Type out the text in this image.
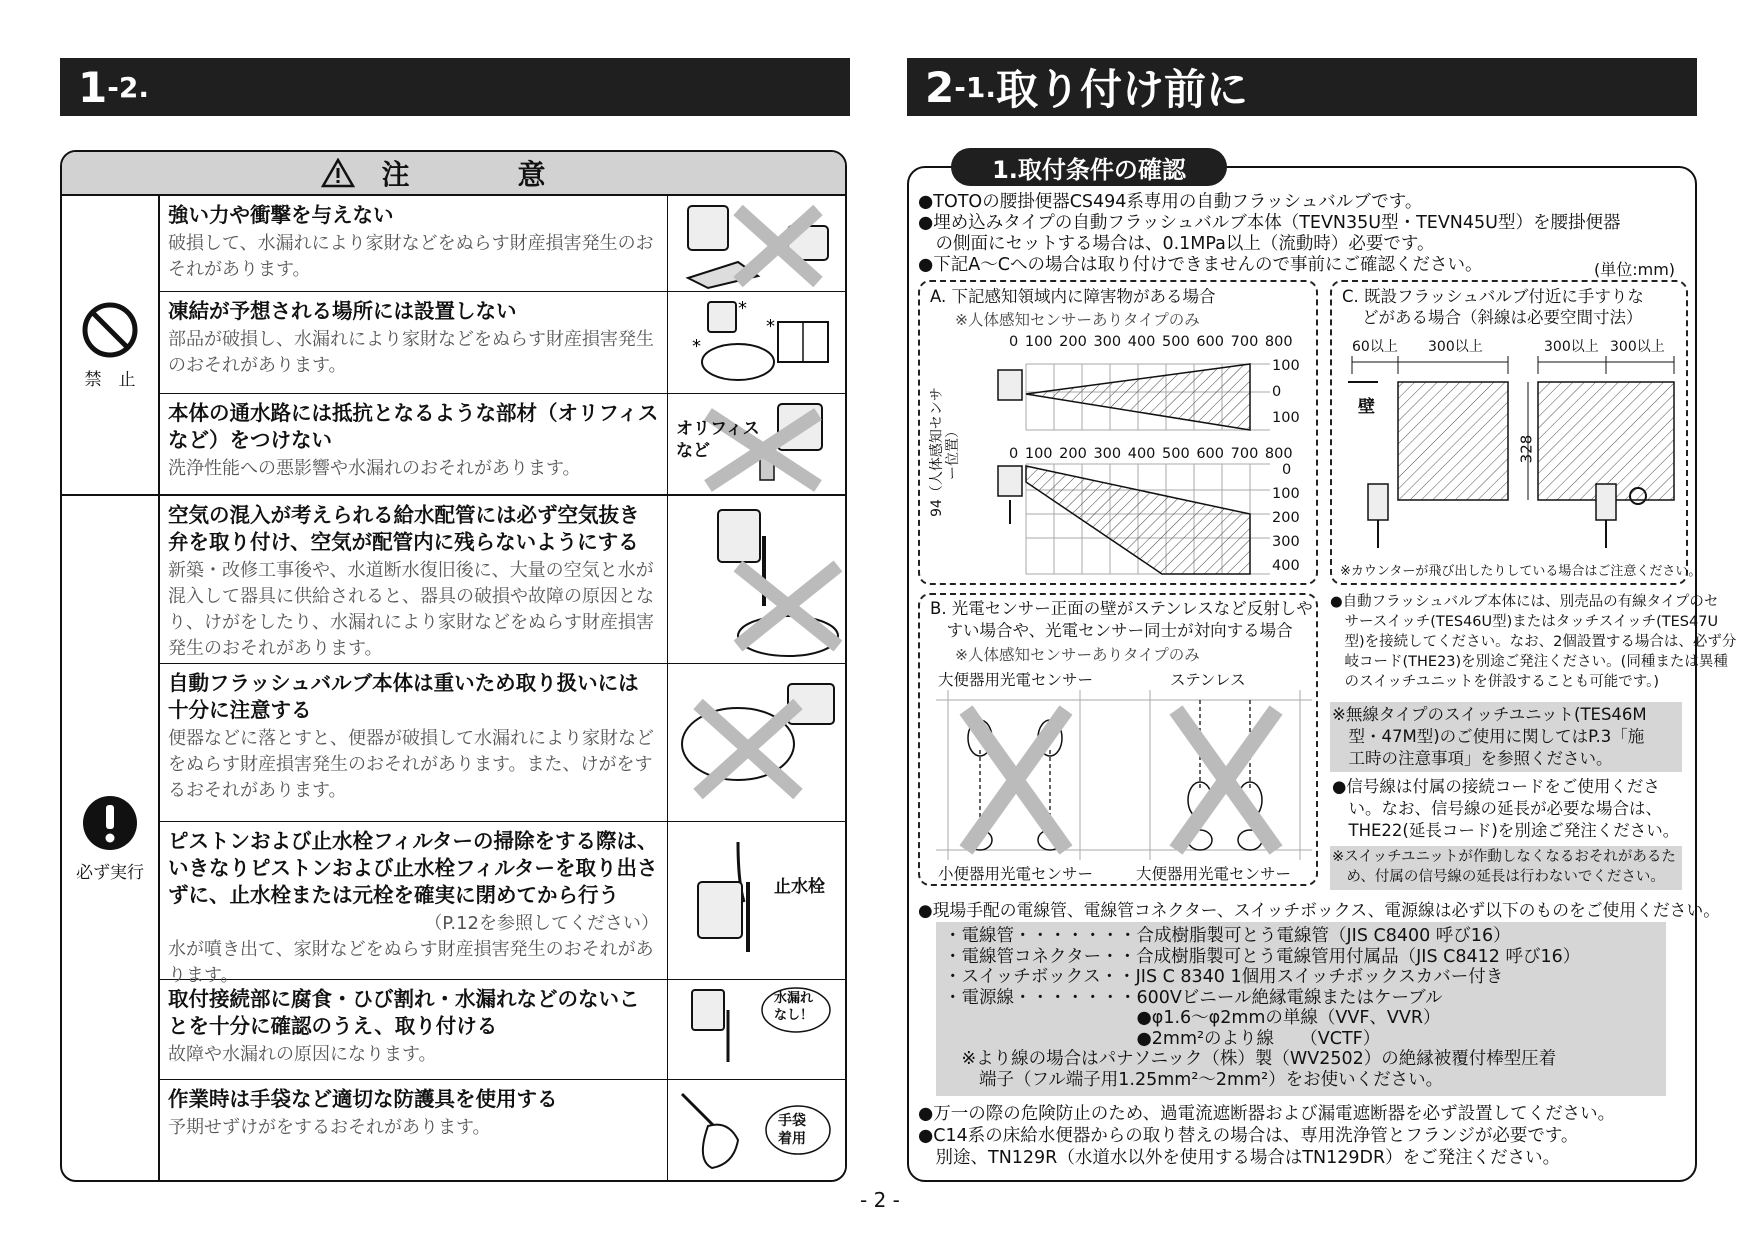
1 -2.	2 -1. 取り付け前に
注　意
禁　止
強い力や衝撃を与えない
破損して、水漏れにより家財などをぬらす財産損害発生のおそれがあります。
凍結が予想される場所には設置しない
部品が破損し、水漏れにより家財などをぬらす財産損害発生のおそれがあります。
*
*
*
本体の通水路には抵抗となるような部材（オリフィスなど）をつけない
洗浄性能への悪影響や水漏れのおそれがあります。
オリフィス
など
必ず実行
空気の混入が考えられる給水配管には必ず空気抜き弁を取り付け、空気が配管内に残らないようにする
新築・改修工事後や、水道断水復旧後に、大量の空気と水が混入して器具に供給されると、器具の破損や故障の原因となり、けがをしたり、水漏れにより家財などをぬらす財産損害発生のおそれがあります。
自動フラッシュバルブ本体は重いため取り扱いには十分に注意する
便器などに落とすと、便器が破損して水漏れにより家財などをぬらす財産損害発生のおそれがあります。また、けがをするおそれがあります。
ピストンおよび止水栓フィルターの掃除をする際は、いきなりピストンおよび止水栓フィルターを取り出さずに、止水栓または元栓を確実に閉めてから行う
（P.12を参照してください）
水が噴き出て、家財などをぬらす財産損害発生のおそれがあります。
止水栓
取付接続部に腐食・ひび割れ・水漏れなどのないことを十分に確認のうえ、取り付ける
故障や水漏れの原因になります。
水漏れ
なし！
作業時は手袋など適切な防護具を使用する
予期せずけがをするおそれがあります。	手袋
着用
1.取付条件の確認
●TOTOの腰掛便器CS494系専用の自動フラッシュバルブです。
●埋め込みタイプの自動フラッシュバルブ本体（TEVN35U型・TEVN45U型）を腰掛便器
　の側面にセットする場合は、0.1MPa以上（流動時）必要です。
●下記A～Cへの場合は取り付けできませんので事前にご確認ください。	(単位:mm)
A. 下記感知領域内に障害物がある場合
※人体感知センサーありタイプのみ
94（人体感知センサー位置）
0 100 200 300 400 500 600 700 800
0 100 200 300 400 500 600 700 800
100
0
100
0
100
200
300
400
C. 既設フラッシュバルブ付近に手すりな
どがある場合（斜線は必要空間寸法）
60以上 300以上	300以上 300以上
壁
328
※カウンターが飛び出したりしている場合はご注意ください。
B. 光電センサー正面の壁がステンレスなど反射しや
　すい場合や、光電センサー同士が対向する場合
※人体感知センサーありタイプのみ
大便器用光電センサー	ステンレス
小便器用光電センサー	大便器用光電センサー
●自動フラッシュバルブ本体には、別売品の有線タイプのセ
　サースイッチ(TES46U型)またはタッチスイッチ(TES47U
　型)を接続してください。なお、2個設置する場合は、必ず分
　岐コード(THE23)を別途ご発注ください。(同種または異種
　のスイッチユニットを併設することも可能です。)
※無線タイプのスイッチユニット(TES46M
　型・47M型)のご使用に関してはP.3「施
　工時の注意事項」を参照ください。
●信号線は付属の接続コードをご使用くださ
　い。なお、信号線の延長が必要な場合は、
　THE22(延長コード)を別途ご発注ください。
※スイッチユニットが作動しなくなるおそれがあるた
　め、付属の信号線の延長は行わないでください。
●現場手配の電線管、電線管コネクター、スイッチボックス、電源線は必ず以下のものをご使用ください。
・電線管・・・・・・・合成樹脂製可とう電線管（JIS C8400 呼び16）
・電線管コネクター・・合成樹脂製可とう電線管用付属品（JIS C8412 呼び16）
・スイッチボックス・・JIS C 8340 1個用スイッチボックスカバー付き
・電源線・・・・・・・600Vビニール絶縁電線またはケーブル
　　　　　　　　　　　●φ1.6～φ2mmの単線（VVF、VVR）
　　　　　　　　　　　●2mm²のより線　　（VCTF）
　※より線の場合はパナソニック（株）製（WV2502）の絶縁被覆付棒型圧着
　　端子（フル端子用1.25mm²～2mm²）をお使いください。
●万一の際の危険防止のため、過電流遮断器および漏電遮断器を必ず設置してください。
●C14系の床給水便器からの取り替えの場合は、専用洗浄管とフランジが必要です。
　別途、TN129R（水道水以外を使用する場合はTN129DR）をご発注ください。
- 2 -
